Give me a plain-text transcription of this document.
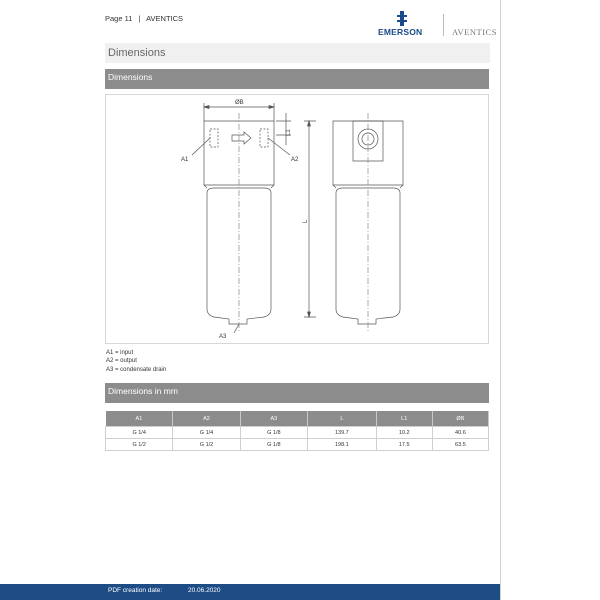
Page 11 | AVENTICS
EMERSON	AVENTICS
Dimensions
Dimensions
ØB
L1
L
A1	A2
A3
A1 = input
A2 = output
A3 = condensate drain
Dimensions in mm
A1	A2	A3	L	L1	ØB
G 1/4	G 1/4	G 1/8	139.7	10.2	40.6
G 1/2	G 1/2	G 1/8	198.1	17.5	63.5
PDF creation date:	20.06.2020
